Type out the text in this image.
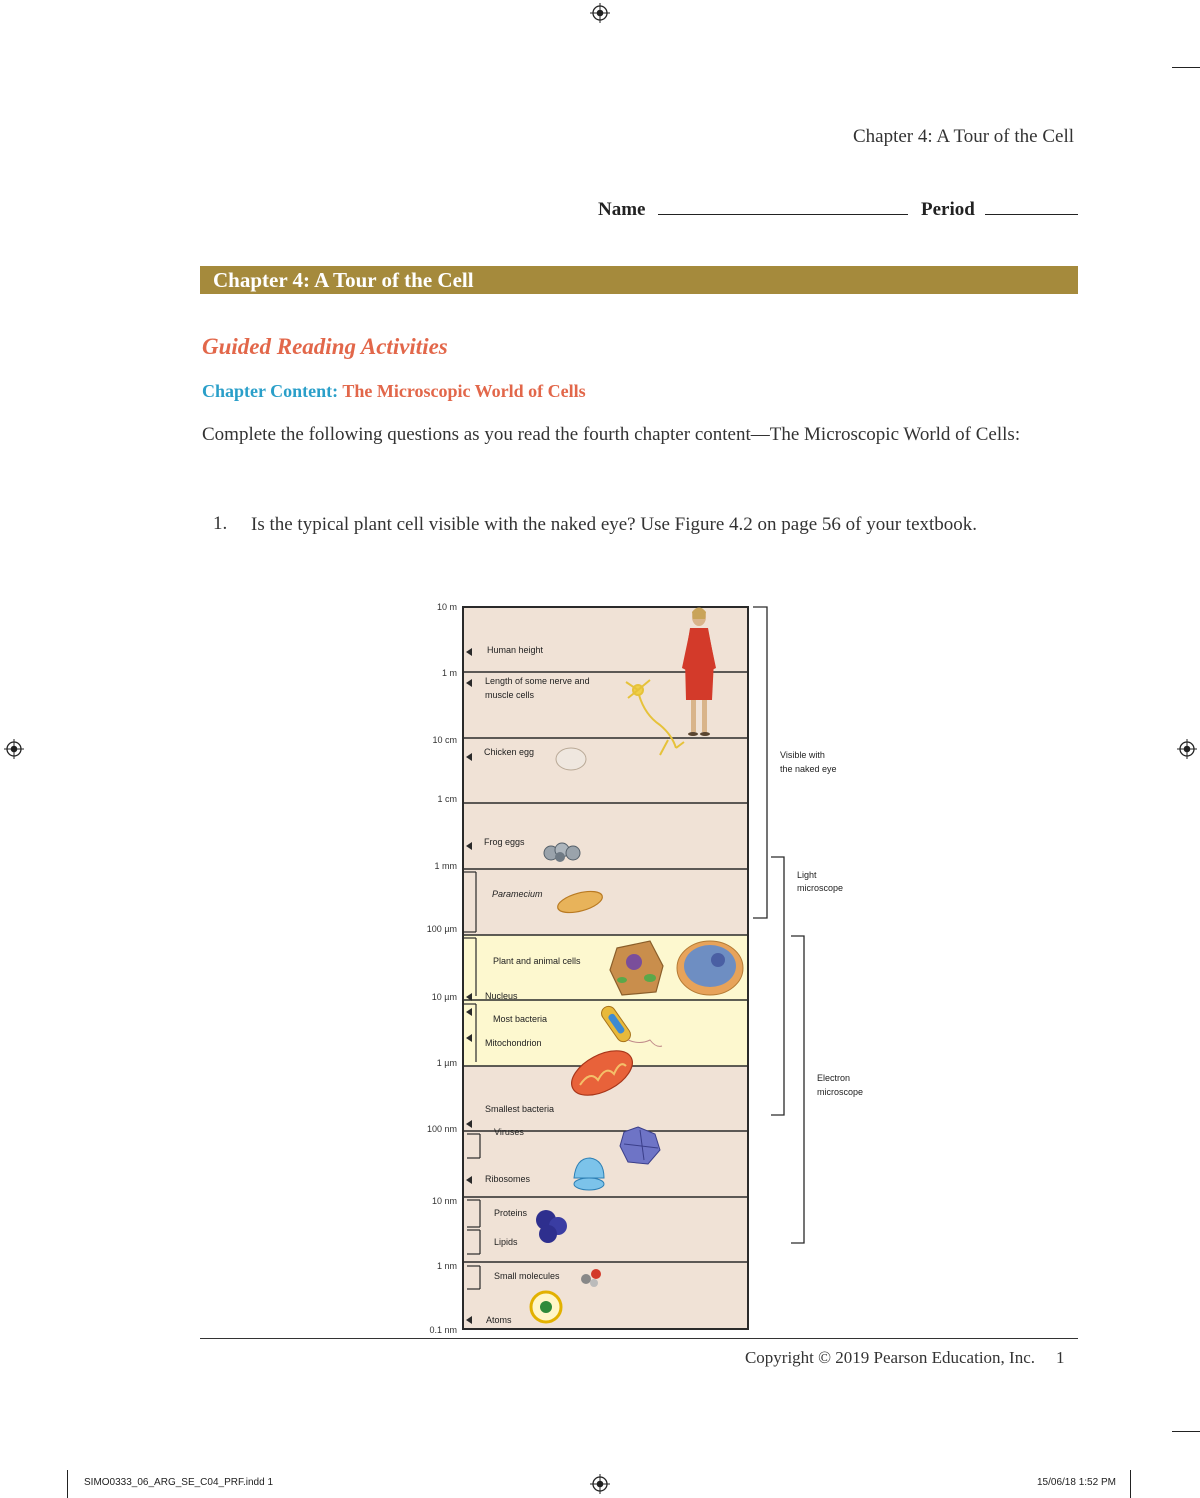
Chapter 4: A Tour of the Cell
Name	Period
Chapter 4: A Tour of the Cell
Guided Reading Activities
Chapter Content: The Microscopic World of Cells
Complete the following questions as you read the fourth chapter content—The Microscopic World of Cells:
1. Is the typical plant cell visible with the naked eye? Use Figure 4.2 on page 56 of your textbook.
10 m
1 m
10 cm
1 cm
1 mm
100 µm
10 µm
1 µm
100 nm
10 nm
1 nm
0.1 nm
Human height
Length of some nerve and
muscle cells
Chicken egg
Frog eggs
Paramecium
Plant and animal cells
Nucleus
Most bacteria
Mitochondrion
Smallest bacteria
Viruses
Ribosomes
Proteins
Lipids
Small molecules
Atoms
Visible with
the naked eye
Light
microscope
Electron
microscope
Copyright © 2019 Pearson Education, Inc. 1
SIMO0333_06_ARG_SE_C04_PRF.indd 1	15/06/18 1:52 PM
